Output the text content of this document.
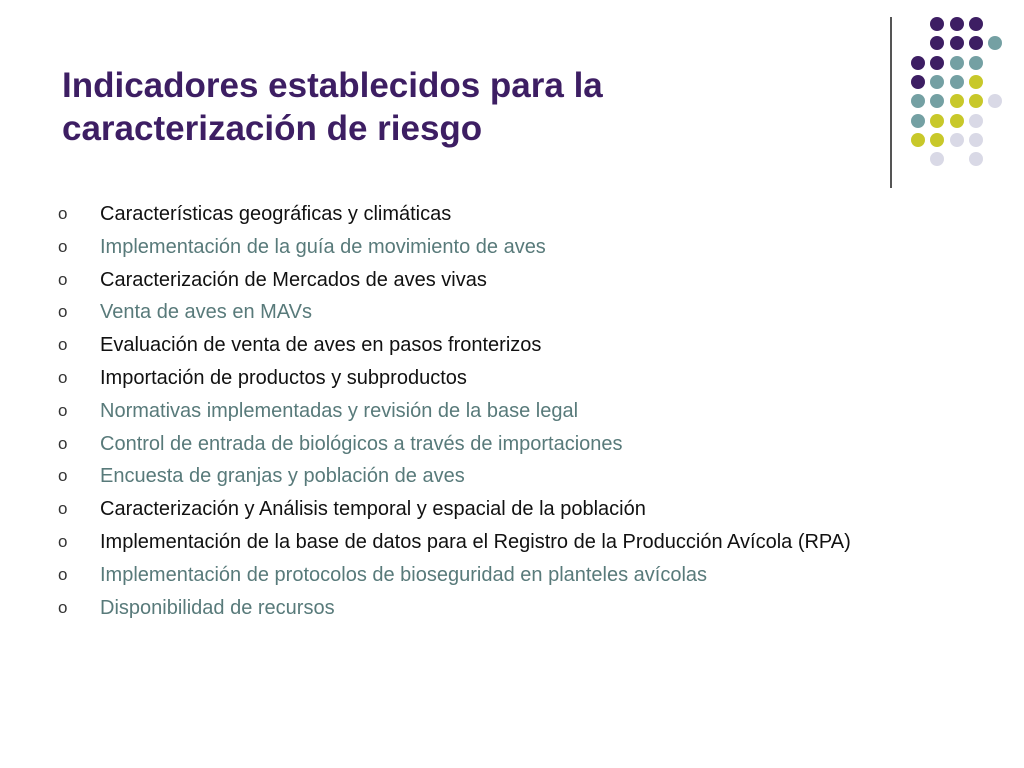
Indicadores establecidos para la
caracterización de riesgo
o	Características geográficas y climáticas
o	Implementación de la guía de movimiento de aves
o	Caracterización de Mercados de aves vivas
o	Venta de aves en MAVs
o	Evaluación de venta de aves en pasos fronterizos
o	Importación de productos y subproductos
o	Normativas implementadas y revisión de la base legal
o	Control de entrada de biológicos a través de importaciones
o	Encuesta de granjas y población de aves
o	Caracterización y Análisis temporal y espacial de la población
o	Implementación de la base de datos para el Registro de la Producción Avícola (RPA)
o	Implementación de protocolos de bioseguridad en planteles avícolas
o	Disponibilidad de recursos
